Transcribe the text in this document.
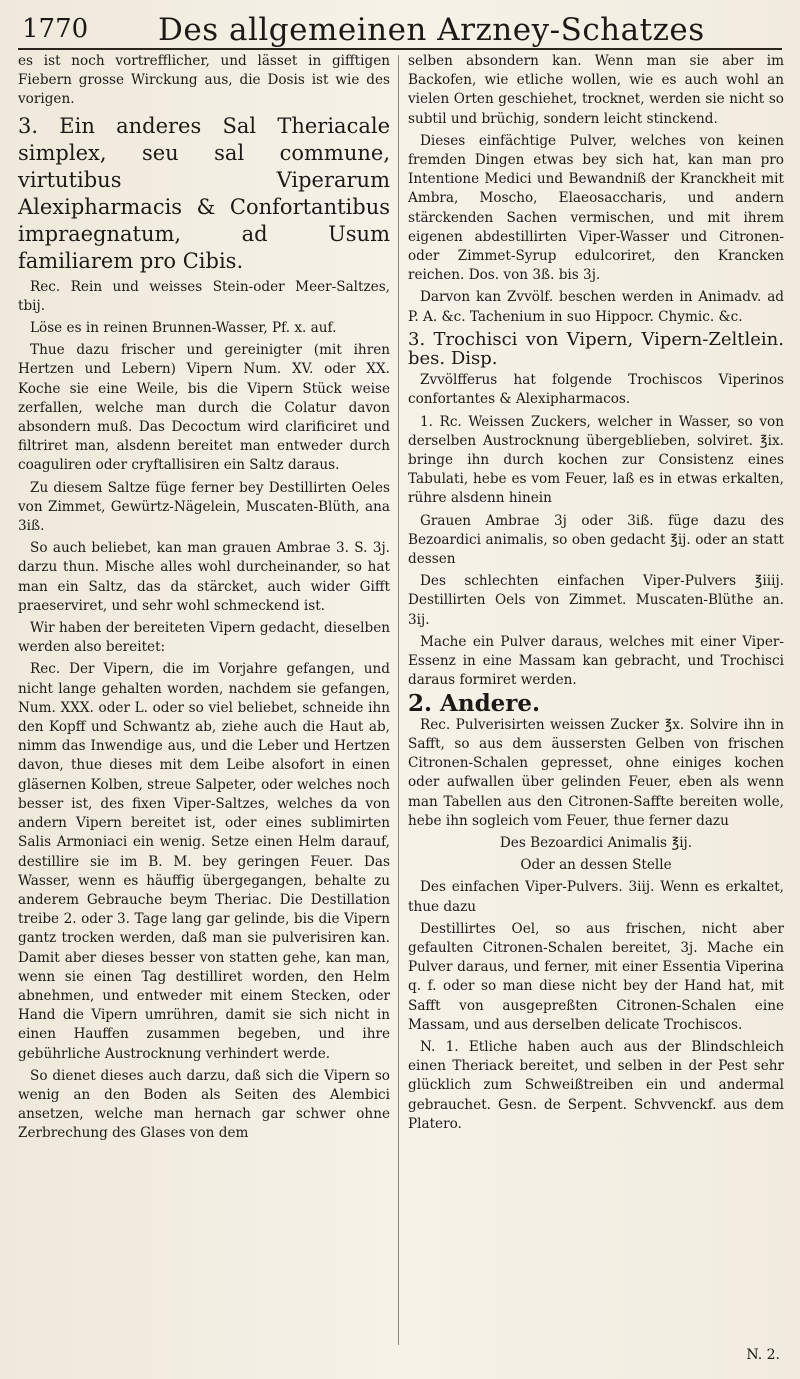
1770 Des allgemeinen Arzney-Schatzes

es ist noch vortrefflicher, und lässet in gifftigen Fiebern grosse Wirckung aus, die Dosis ist wie des vorigen.

3. Ein anderes Sal Theriacale simplex, seu sal commune, virtutibus Viperarum Alexipharmacis & Confortantibus impraegnatum, ad Usum familiarem pro Cibis.

Rec. Rein und weisses Stein-oder Meer-Saltzes, tbij.

Löse es in reinen Brunnen-Wasser, Pf. x. auf.

Thue dazu frischer und gereinigter (mit ihren Hertzen und Lebern) Vipern Num. XV. oder XX. Koche sie eine Weile, bis die Vipern Stück weise zerfallen, welche man durch die Colatur davon absondern muß. Das Decoctum wird clarificiret und filtriret man, alsdenn bereitet man entweder durch coaguliren oder cryftallisiren ein Saltz daraus.

Zu diesem Saltze füge ferner bey Destillirten Oeles von Zimmet, Gewürtz-Nägelein, Muscaten-Blüth, ana 3iß.

So auch beliebet, kan man grauen Ambrae 3. S. 3j. darzu thun. Mische alles wohl durcheinander, so hat man ein Saltz, das da stärcket, auch wider Gifft praeserviret, und sehr wohl schmeckend ist.

Wir haben der bereiteten Vipern gedacht, dieselben werden also bereitet:

Rec. Der Vipern, die im Vorjahre gefangen, und nicht lange gehalten worden, nachdem sie gefangen, Num. XXX. oder L. oder so viel beliebet, schneide ihn den Kopff und Schwantz ab, ziehe auch die Haut ab, nimm das Inwendige aus, und die Leber und Hertzen davon, thue dieses mit dem Leibe alsofort in einen gläsernen Kolben, streue Salpeter, oder welches noch besser ist, des fixen Viper-Saltzes, welches da von andern Vipern bereitet ist, oder eines sublimirten Salis Armoniaci ein wenig. Setze einen Helm darauf, destillire sie im B. M. bey geringen Feuer. Das Wasser, wenn es häuffig übergegangen, behalte zu anderem Gebrauche beym Theriac. Die Destillation treibe 2. oder 3. Tage lang gar gelinde, bis die Vipern gantz trocken werden, daß man sie pulverisiren kan. Damit aber dieses besser von statten gehe, kan man, wenn sie einen Tag destilliret worden, den Helm abnehmen, und entweder mit einem Stecken, oder Hand die Vipern umrühren, damit sie sich nicht in einen Hauffen zusammen begeben, und ihre gebührliche Austrocknung verhindert werde.

So dienet dieses auch darzu, daß sich die Vipern so wenig an den Boden als Seiten des Alembici ansetzen, welche man hernach gar schwer ohne Zerbrechung des Glases von dem

selben absondern kan. Wenn man sie aber im Backofen, wie etliche wollen, wie es auch wohl an vielen Orten geschiehet, trocknet, werden sie nicht so subtil und brüchig, sondern leicht stinckend.

Dieses einfächtige Pulver, welches von keinen fremden Dingen etwas bey sich hat, kan man pro Intentione Medici und Bewandniß der Kranckheit mit Ambra, Moscho, Elaeosaccharis, und andern stärckenden Sachen vermischen, und mit ihrem eigenen abdestillirten Viper-Wasser und Citronen-oder Zimmet-Syrup edulcoriret, den Krancken reichen. Dos. von 3ß. bis 3j.

Darvon kan Zvvölf. beschen werden in Animadv. ad P. A. &c. Tachenium in suo Hippocr. Chymic. &c.

3. Trochisci von Vipern, Vipern-Zeltlein. bes. Disp.

Zvvölfferus hat folgende Trochiscos Viperinos confortantes & Alexipharmacos.

1. Rc. Weissen Zuckers, welcher in Wasser, so von derselben Austrocknung übergeblieben, solviret. ℥ix. bringe ihn durch kochen zur Consistenz eines Tabulati, hebe es vom Feuer, laß es in etwas erkalten, rühre alsdenn hinein

Grauen Ambrae 3j oder 3iß. füge dazu des Bezoardici animalis, so oben gedacht ℥ij. oder an statt dessen

Des schlechten einfachen Viper-Pulvers ℥iiij. Destillirten Oels von Zimmet. Muscaten-Blüthe an. 3ij.

Mache ein Pulver daraus, welches mit einer Viper-Essenz in eine Massam kan gebracht, und Trochisci daraus formiret werden.

2. Andere.

Rec. Pulverisirten weissen Zucker ℥x. Solvire ihn in Safft, so aus dem äussersten Gelben von frischen Citronen-Schalen gepresset, ohne einiges kochen oder aufwallen über gelinden Feuer, eben als wenn man Tabellen aus den Citronen-Saffte bereiten wolle, hebe ihn sogleich vom Feuer, thue ferner dazu

Des Bezoardici Animalis ℥ij.

Oder an dessen Stelle

Des einfachen Viper-Pulvers. 3iij. Wenn es erkaltet, thue dazu

Destillirtes Oel, so aus frischen, nicht aber gefaulten Citronen-Schalen bereitet, 3j. Mache ein Pulver daraus, und ferner, mit einer Essentia Viperina q. f. oder so man diese nicht bey der Hand hat, mit Safft von ausgepreßten Citronen-Schalen eine Massam, und aus derselben delicate Trochiscos.

N. 1. Etliche haben auch aus der Blindschleich einen Theriack bereitet, und selben in der Pest sehr glücklich zum Schweißtreiben ein und andermal gebrauchet. Gesn. de Serpent. Schvvenckf. aus dem Platero.

N. 2.
